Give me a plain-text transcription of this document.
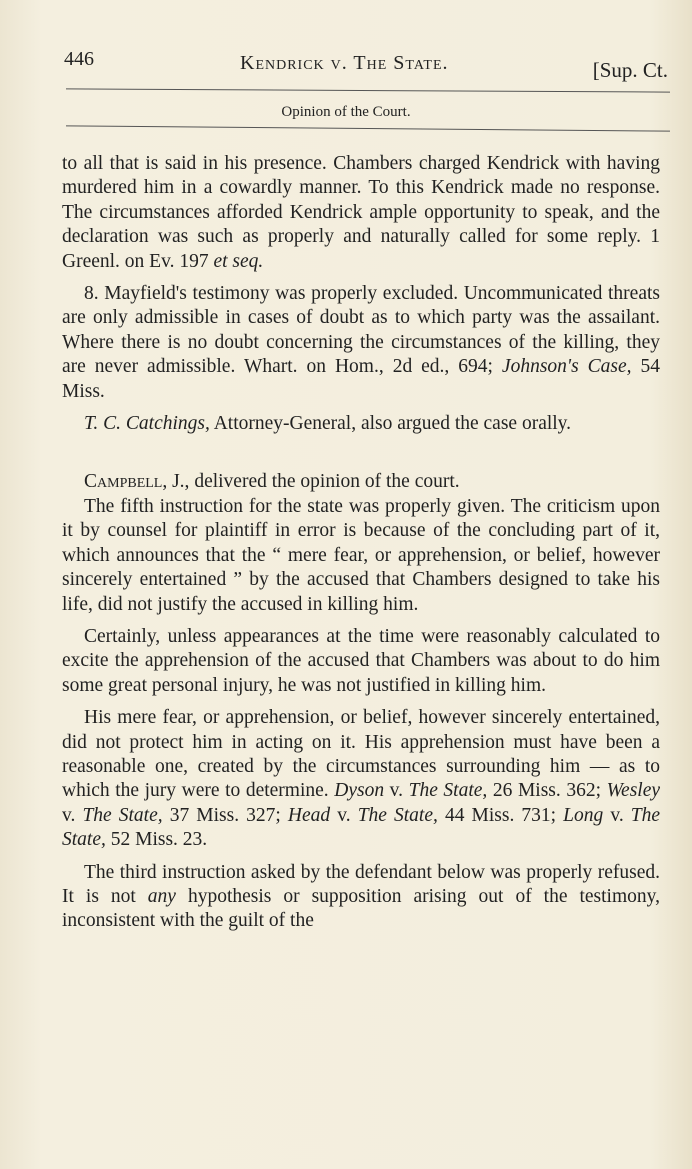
446	Kendrick v. The State.	[Sup. Ct.
Opinion of the Court.

to all that is said in his presence. Chambers charged Kendrick with having murdered him in a cowardly manner. To this Kendrick made no response. The circumstances afforded Kendrick ample opportunity to speak, and the declaration was such as properly and naturally called for some reply. 1 Greenl. on Ev. 197 et seq.

8. Mayfield's testimony was properly excluded. Uncommunicated threats are only admissible in cases of doubt as to which party was the assailant. Where there is no doubt concerning the circumstances of the killing, they are never admissible. Whart. on Hom., 2d ed., 694; Johnson's Case, 54 Miss.

T. C. Catchings, Attorney-General, also argued the case orally.

Campbell, J., delivered the opinion of the court.

The fifth instruction for the state was properly given. The criticism upon it by counsel for plaintiff in error is because of the concluding part of it, which announces that the “ mere fear, or apprehension, or belief, however sincerely entertained ” by the accused that Chambers designed to take his life, did not justify the accused in killing him.

Certainly, unless appearances at the time were reasonably calculated to excite the apprehension of the accused that Chambers was about to do him some great personal injury, he was not justified in killing him.

His mere fear, or apprehension, or belief, however sincerely entertained, did not protect him in acting on it. His apprehension must have been a reasonable one, created by the circumstances surrounding him — as to which the jury were to determine. Dyson v. The State, 26 Miss. 362; Wesley v. The State, 37 Miss. 327; Head v. The State, 44 Miss. 731; Long v. The State, 52 Miss. 23.

The third instruction asked by the defendant below was properly refused. It is not any hypothesis or supposition arising out of the testimony, inconsistent with the guilt of the
